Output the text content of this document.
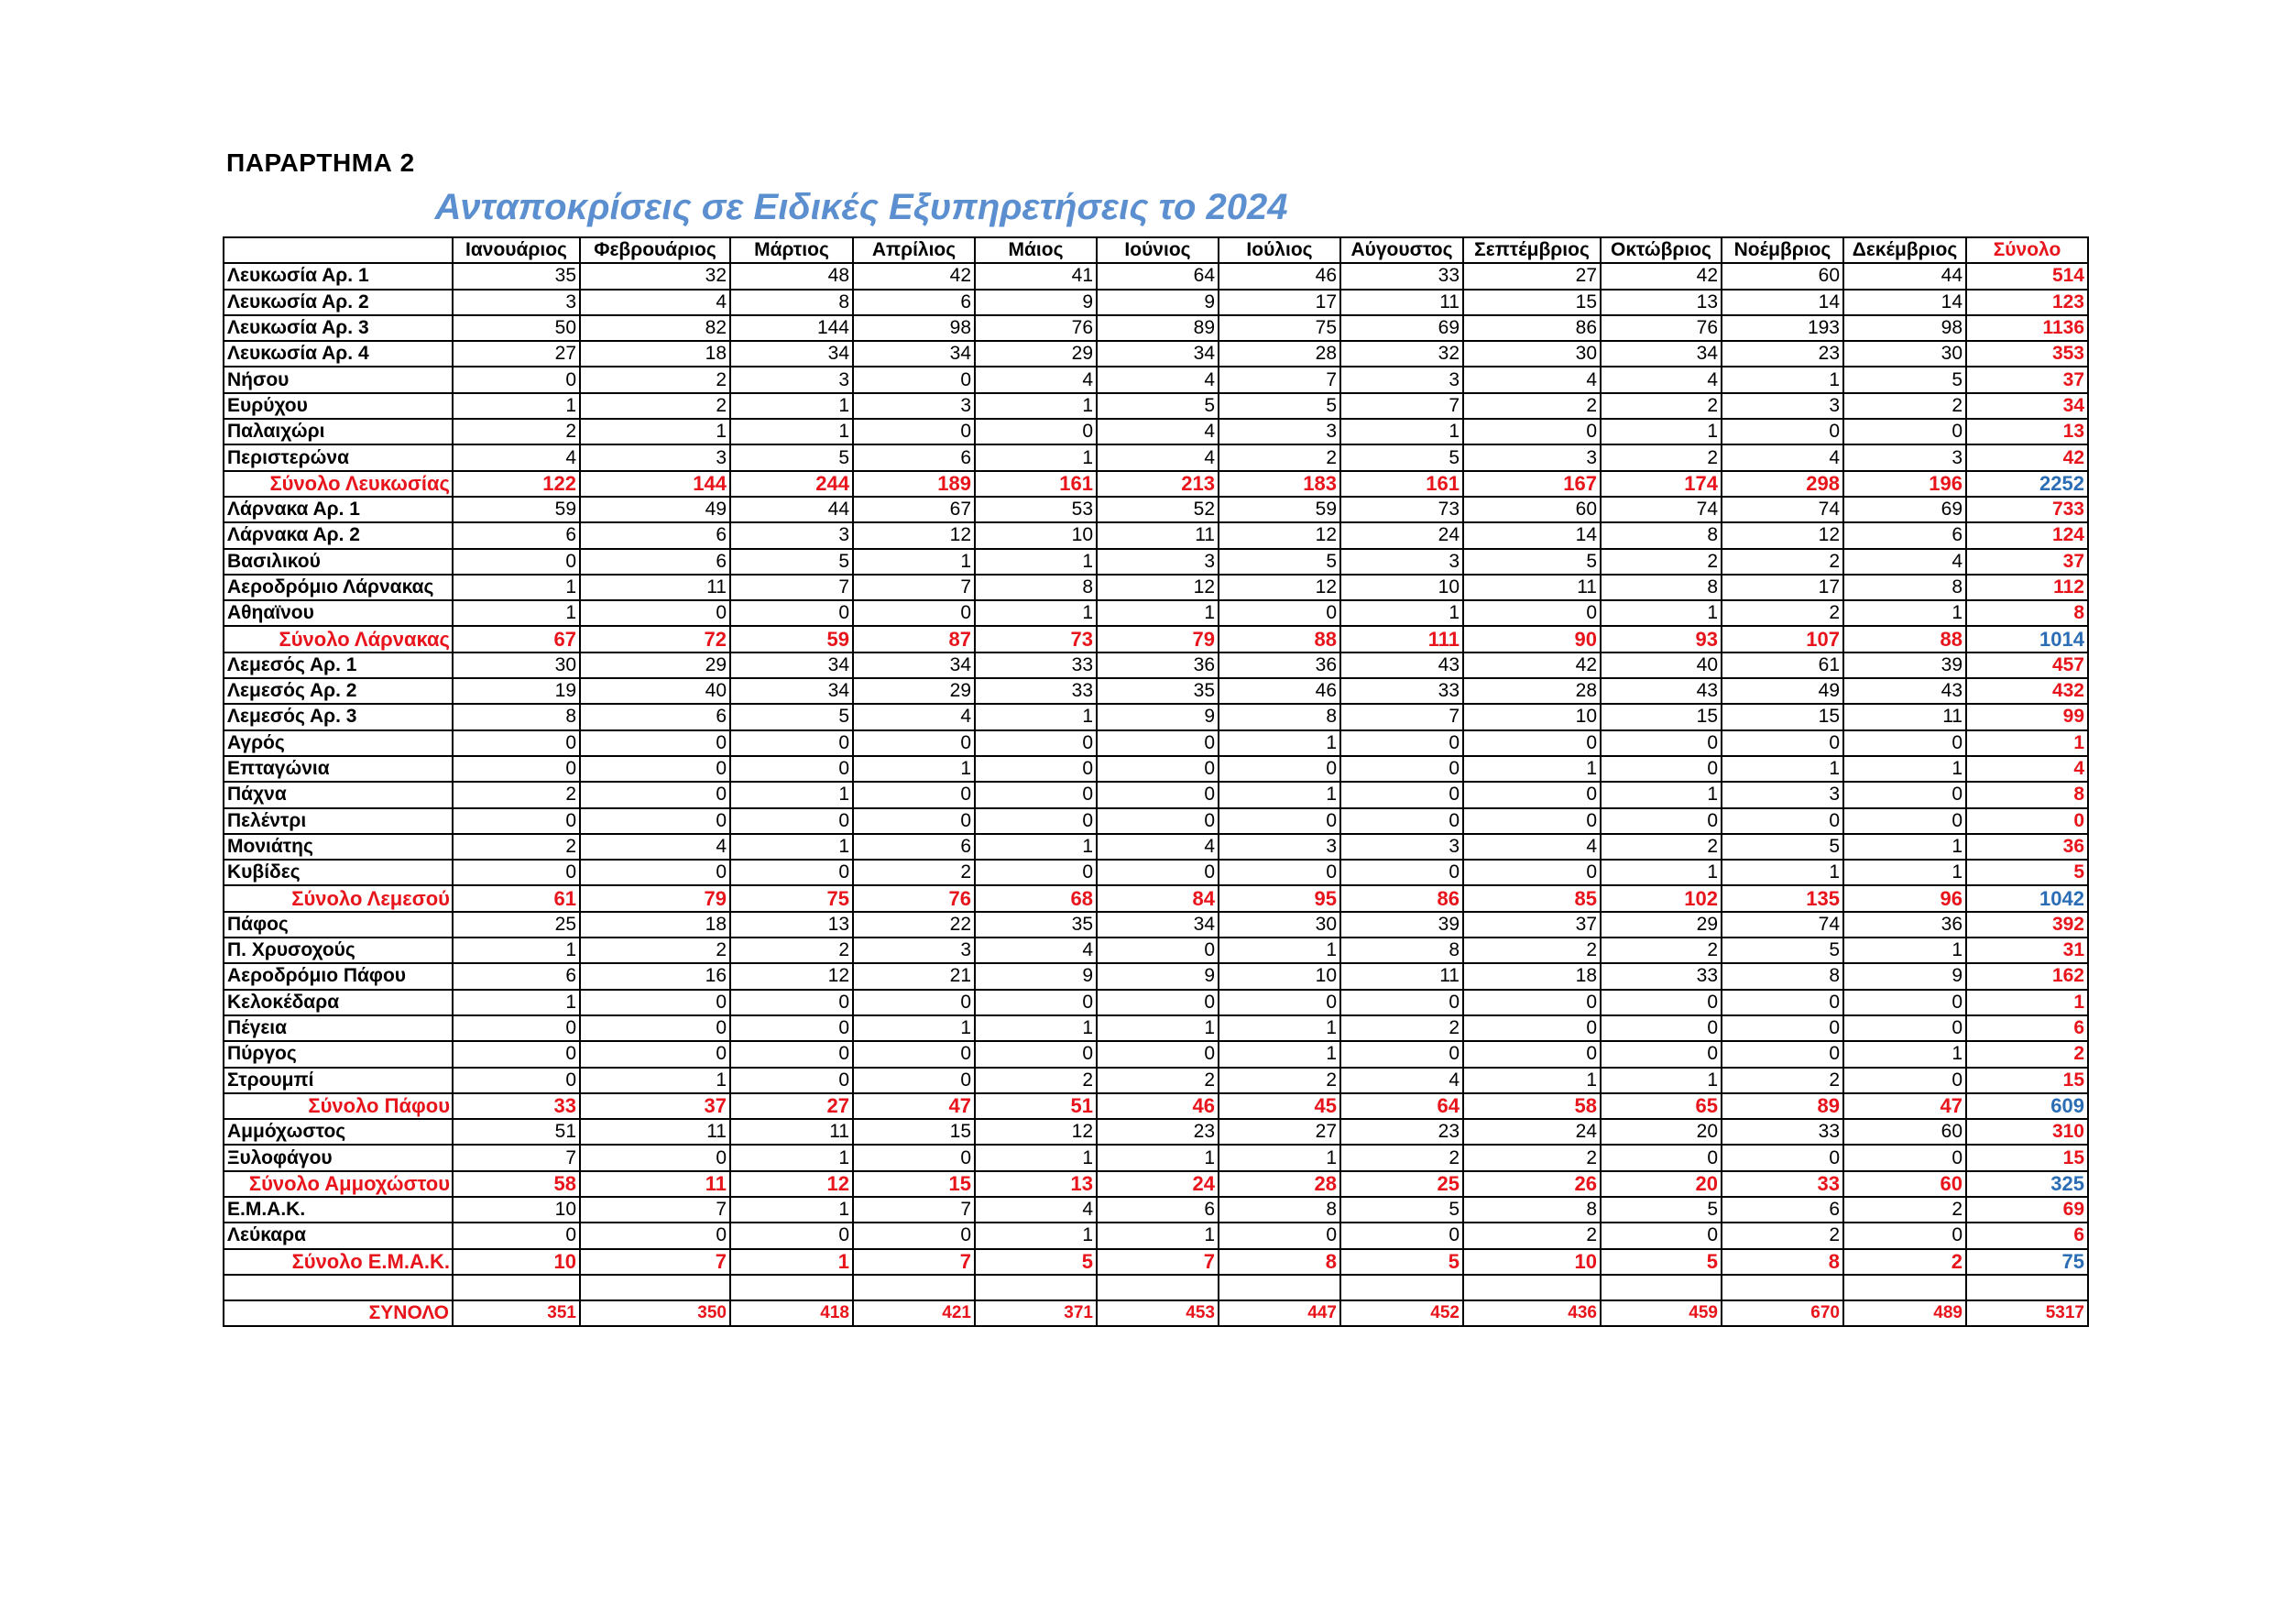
ΠΑΡΑΡΤΗΜΑ 2
Ανταποκρίσεις σε Ειδικές Εξυπηρετήσεις το 2024
	Ιανουάριος	Φεβρουάριος	Μάρτιος	Απρίλιος	Μάιος	Ιούνιος	Ιούλιος	Αύγουστος	Σεπτέμβριος	Οκτώβριος	Νοέμβριος	Δεκέμβριος	Σύνολο
Λευκωσία Αρ. 1	35	32	48	42	41	64	46	33	27	42	60	44	514
Λευκωσία Αρ. 2	3	4	8	6	9	9	17	11	15	13	14	14	123
Λευκωσία Αρ. 3	50	82	144	98	76	89	75	69	86	76	193	98	1136
Λευκωσία Αρ. 4	27	18	34	34	29	34	28	32	30	34	23	30	353
Νήσου	0	2	3	0	4	4	7	3	4	4	1	5	37
Ευρύχου	1	2	1	3	1	5	5	7	2	2	3	2	34
Παλαιχώρι	2	1	1	0	0	4	3	1	0	1	0	0	13
Περιστερώνα	4	3	5	6	1	4	2	5	3	2	4	3	42
Σύνολο Λευκωσίας	122	144	244	189	161	213	183	161	167	174	298	196	2252
Λάρνακα Αρ. 1	59	49	44	67	53	52	59	73	60	74	74	69	733
Λάρνακα Αρ. 2	6	6	3	12	10	11	12	24	14	8	12	6	124
Βασιλικού	0	6	5	1	1	3	5	3	5	2	2	4	37
Αεροδρόμιο Λάρνακας	1	11	7	7	8	12	12	10	11	8	17	8	112
Αθηαϊνου	1	0	0	0	1	1	0	1	0	1	2	1	8
Σύνολο Λάρνακας	67	72	59	87	73	79	88	111	90	93	107	88	1014
Λεμεσός Αρ. 1	30	29	34	34	33	36	36	43	42	40	61	39	457
Λεμεσός Αρ. 2	19	40	34	29	33	35	46	33	28	43	49	43	432
Λεμεσός Αρ. 3	8	6	5	4	1	9	8	7	10	15	15	11	99
Αγρός	0	0	0	0	0	0	1	0	0	0	0	0	1
Επταγώνια	0	0	0	1	0	0	0	0	1	0	1	1	4
Πάχνα	2	0	1	0	0	0	1	0	0	1	3	0	8
Πελέντρι	0	0	0	0	0	0	0	0	0	0	0	0	0
Μονιάτης	2	4	1	6	1	4	3	3	4	2	5	1	36
Κυβίδες	0	0	0	2	0	0	0	0	0	1	1	1	5
Σύνολο Λεμεσού	61	79	75	76	68	84	95	86	85	102	135	96	1042
Πάφος	25	18	13	22	35	34	30	39	37	29	74	36	392
Π. Χρυσοχούς	1	2	2	3	4	0	1	8	2	2	5	1	31
Αεροδρόμιο Πάφου	6	16	12	21	9	9	10	11	18	33	8	9	162
Κελοκέδαρα	1	0	0	0	0	0	0	0	0	0	0	0	1
Πέγεια	0	0	0	1	1	1	1	2	0	0	0	0	6
Πύργος	0	0	0	0	0	0	1	0	0	0	0	1	2
Στρουμπί	0	1	0	0	2	2	2	4	1	1	2	0	15
Σύνολο Πάφου	33	37	27	47	51	46	45	64	58	65	89	47	609
Αμμόχωστος	51	11	11	15	12	23	27	23	24	20	33	60	310
Ξυλοφάγου	7	0	1	0	1	1	1	2	2	0	0	0	15
Σύνολο Αμμοχώστου	58	11	12	15	13	24	28	25	26	20	33	60	325
Ε.Μ.Α.Κ.	10	7	1	7	4	6	8	5	8	5	6	2	69
Λεύκαρα	0	0	0	0	1	1	0	0	2	0	2	0	6
Σύνολο Ε.Μ.Α.Κ.	10	7	1	7	5	7	8	5	10	5	8	2	75

ΣΥΝΟΛΟ	351	350	418	421	371	453	447	452	436	459	670	489	5317
